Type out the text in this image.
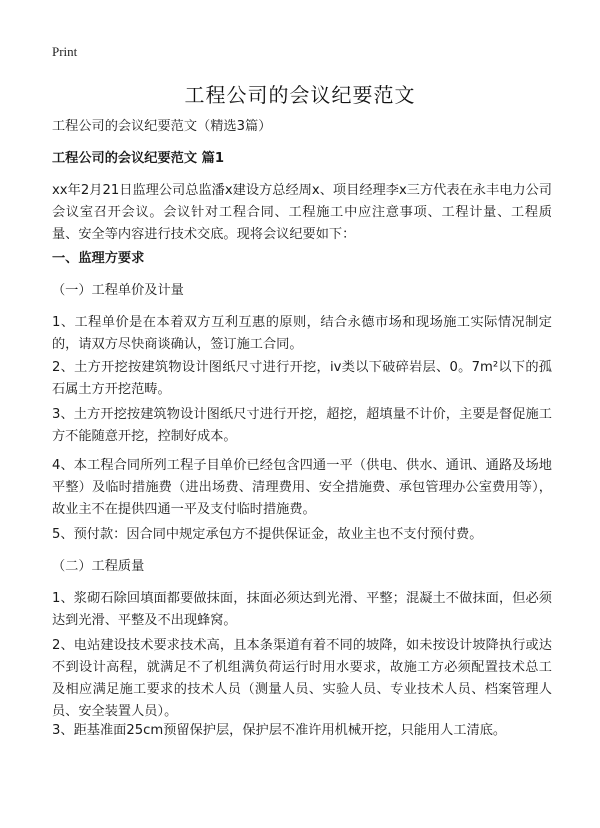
Print
工程公司的会议纪要范文

工程公司的会议纪要范文（精选3篇）

工程公司的会议纪要范文 篇1

xx年2月21日监理公司总监潘x建设方总经周x、项目经理李x三方代表在永丰电力公司会议室召开会议。会议针对工程合同、工程施工中应注意事项、工程计量、工程质量、安全等内容进行技术交底。现将会议纪要如下：

一、监理方要求

（一）工程单价及计量

1、工程单价是在本着双方互利互惠的原则，结合永德市场和现场施工实际情况制定的，请双方尽快商谈确认，签订施工合同。

2、土方开挖按建筑物设计图纸尺寸进行开挖，iv类以下破碎岩层、0。7m²以下的孤石属土方开挖范畴。

3、土方开挖按建筑物设计图纸尺寸进行开挖，超挖，超填量不计价，主要是督促施工方不能随意开挖，控制好成本。

4、本工程合同所列工程子目单价已经包含四通一平（供电、供水、通讯、通路及场地平整）及临时措施费（进出场费、清理费用、安全措施费、承包管理办公室费用等），故业主不在提供四通一平及支付临时措施费。

5、预付款：因合同中规定承包方不提供保证金，故业主也不支付预付费。

（二）工程质量

1、浆砌石除回填面都要做抹面，抹面必须达到光滑、平整；混凝土不做抹面，但必须达到光滑、平整及不出现蜂窝。

2、电站建设技术要求技术高，且本条渠道有着不同的坡降，如未按设计坡降执行或达不到设计高程，就满足不了机组满负荷运行时用水要求，故施工方必须配置技术总工及相应满足施工要求的技术人员（测量人员、实验人员、专业技术人员、档案管理人员、安全装置人员）。

3、距基准面25cm预留保护层，保护层不准许用机械开挖，只能用人工清底。
